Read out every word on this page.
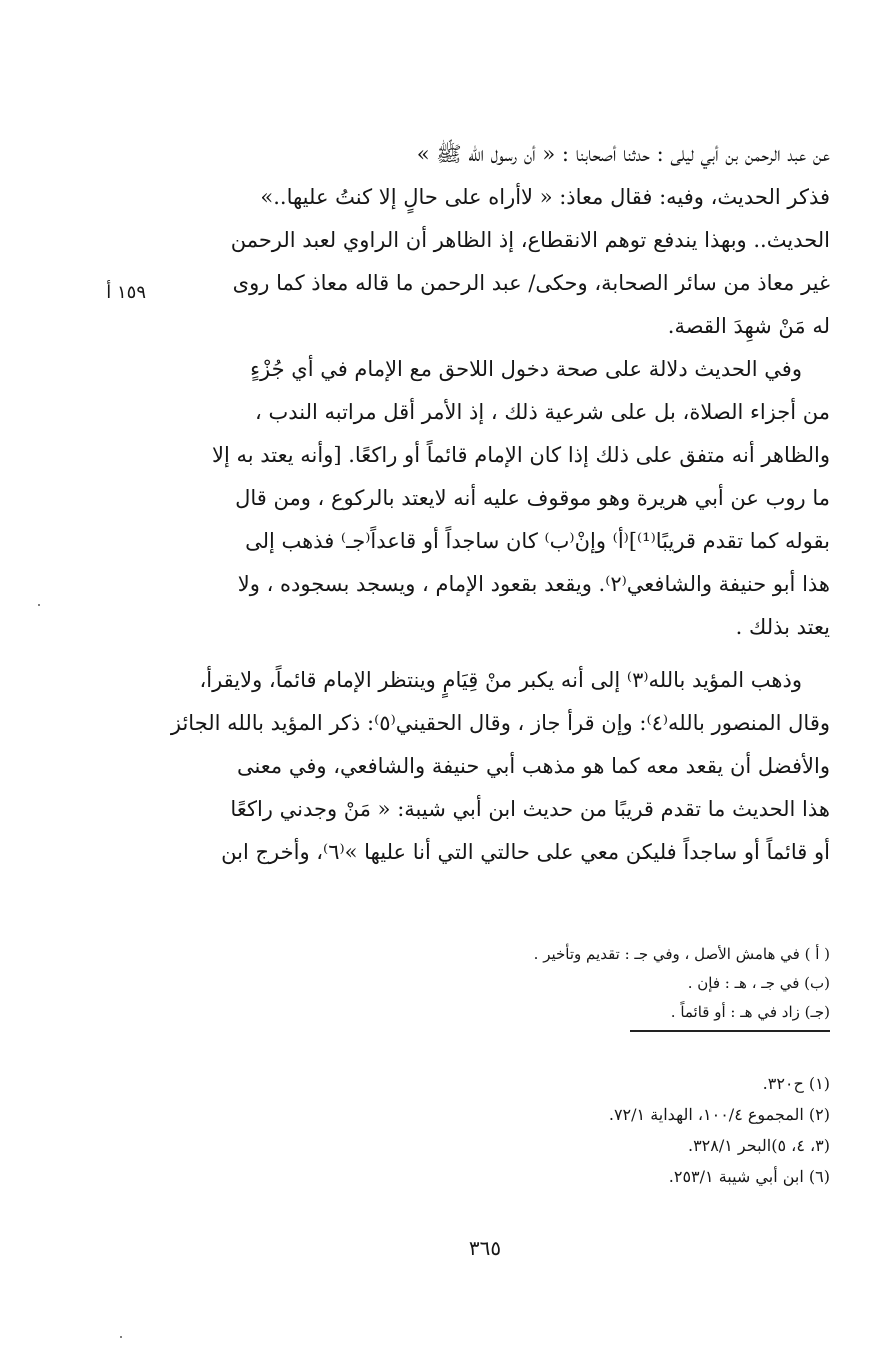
١٥٩ أ
عن عبد الرحمن بن أبي ليلى : حدثنا أصحابنا : « أن رسول الله ﷺ »
فذكر الحديث، وفيه: فقال معاذ: « لاأراه على حالٍ إلا كنتُ عليها..»
الحديث.. وبهذا يندفع توهم الانقطاع، إذ الظاهر أن الراوي لعبد الرحمن
غير معاذ من سائر الصحابة، وحكى/ عبد الرحمن ما قاله معاذ كما روى
له مَنْ شهِدَ القصة.
وفي الحديث دلالة على صحة دخول اللاحق مع الإمام في أي جُزْءٍ
من أجزاء الصلاة، بل على شرعية ذلك ، إذ الأمر أقل مراتبه الندب ،
والظاهر أنه متفق على ذلك إذا كان الإمام قائماً أو راكعًا. [وأنه يعتد به إلا
ما روب عن أبي هريرة وهو موقوف عليه أنه لايعتد بالركوع ، ومن قال
بقوله كما تقدم قريبًا⁽¹⁾]⁽أ⁾ وإنْ⁽ب⁾ كان ساجداً أو قاعداً⁽جـ⁾ فذهب إلى
هذا أبو حنيفة والشافعي⁽٢⁾. ويقعد بقعود الإمام ، ويسجد بسجوده ، ولا
يعتد بذلك .
وذهب المؤيد بالله⁽٣⁾ إلى أنه يكبر منْ قِيَامٍ وينتظر الإمام قائماً، ولايقرأ،
وقال المنصور بالله⁽٤⁾: وإن قرأ جاز ، وقال الحقيني⁽٥⁾: ذكر المؤيد بالله الجائز
والأفضل أن يقعد معه كما هو مذهب أبي حنيفة والشافعي، وفي معنى
هذا الحديث ما تقدم قريبًا من حديث ابن أبي شيبة: « مَنْ وجدني راكعًا
أو قائماً أو ساجداً فليكن معي على حالتي التي أنا عليها »⁽٦⁾، وأخرج ابن
( أ ) في هامش الأصل ، وفي جـ : تقديم وتأخير .
(ب) في جـ ، هـ : فإن .
(جـ) زاد في هـ : أو قائماً .
(١) ح٣٢٠.
(٢) المجموع ١٠٠/٤، الهداية ٧٢/١.
(٣، ٤، ٥)البحر ٣٢٨/١.
(٦) ابن أبي شيبة ٢٥٣/١.
٣٦٥
